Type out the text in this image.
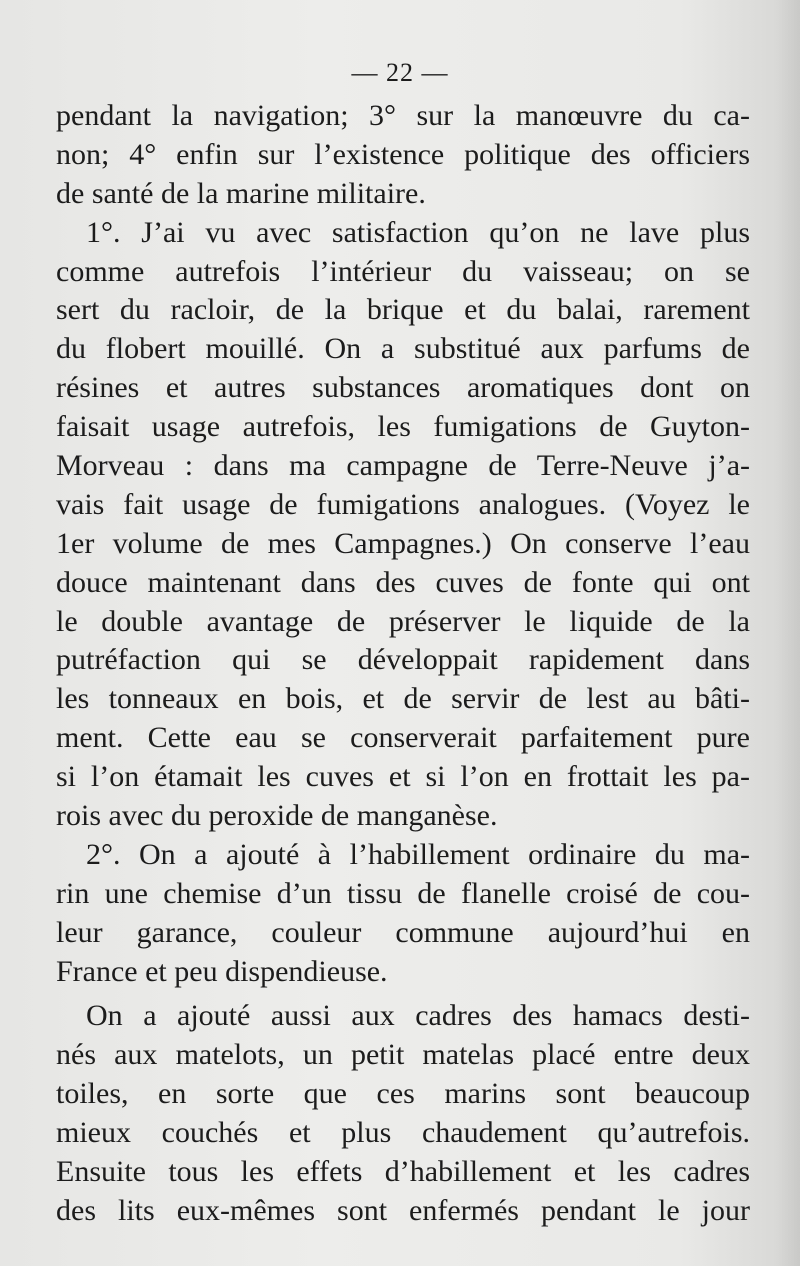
— 22 —
pendant la navigation; 3° sur la manœuvre du ca-
non; 4° enfin sur l’existence politique des officiers
de santé de la marine militaire.
1°. J’ai vu avec satisfaction qu’on ne lave plus
comme autrefois l’intérieur du vaisseau; on se
sert du racloir, de la brique et du balai, rarement
du flobert mouillé. On a substitué aux parfums de
résines et autres substances aromatiques dont on
faisait usage autrefois, les fumigations de Guyton-
Morveau : dans ma campagne de Terre-Neuve j’a-
vais fait usage de fumigations analogues. (Voyez le
1er volume de mes Campagnes.) On conserve l’eau
douce maintenant dans des cuves de fonte qui ont
le double avantage de préserver le liquide de la
putréfaction qui se développait rapidement dans
les tonneaux en bois, et de servir de lest au bâti-
ment. Cette eau se conserverait parfaitement pure
si l’on étamait les cuves et si l’on en frottait les pa-
rois avec du peroxide de manganèse.
2°. On a ajouté à l’habillement ordinaire du ma-
rin une chemise d’un tissu de flanelle croisé de cou-
leur garance, couleur commune aujourd’hui en
France et peu dispendieuse.
On a ajouté aussi aux cadres des hamacs desti-
nés aux matelots, un petit matelas placé entre deux
toiles, en sorte que ces marins sont beaucoup
mieux couchés et plus chaudement qu’autrefois.
Ensuite tous les effets d’habillement et les cadres
des lits eux-mêmes sont enfermés pendant le jour
